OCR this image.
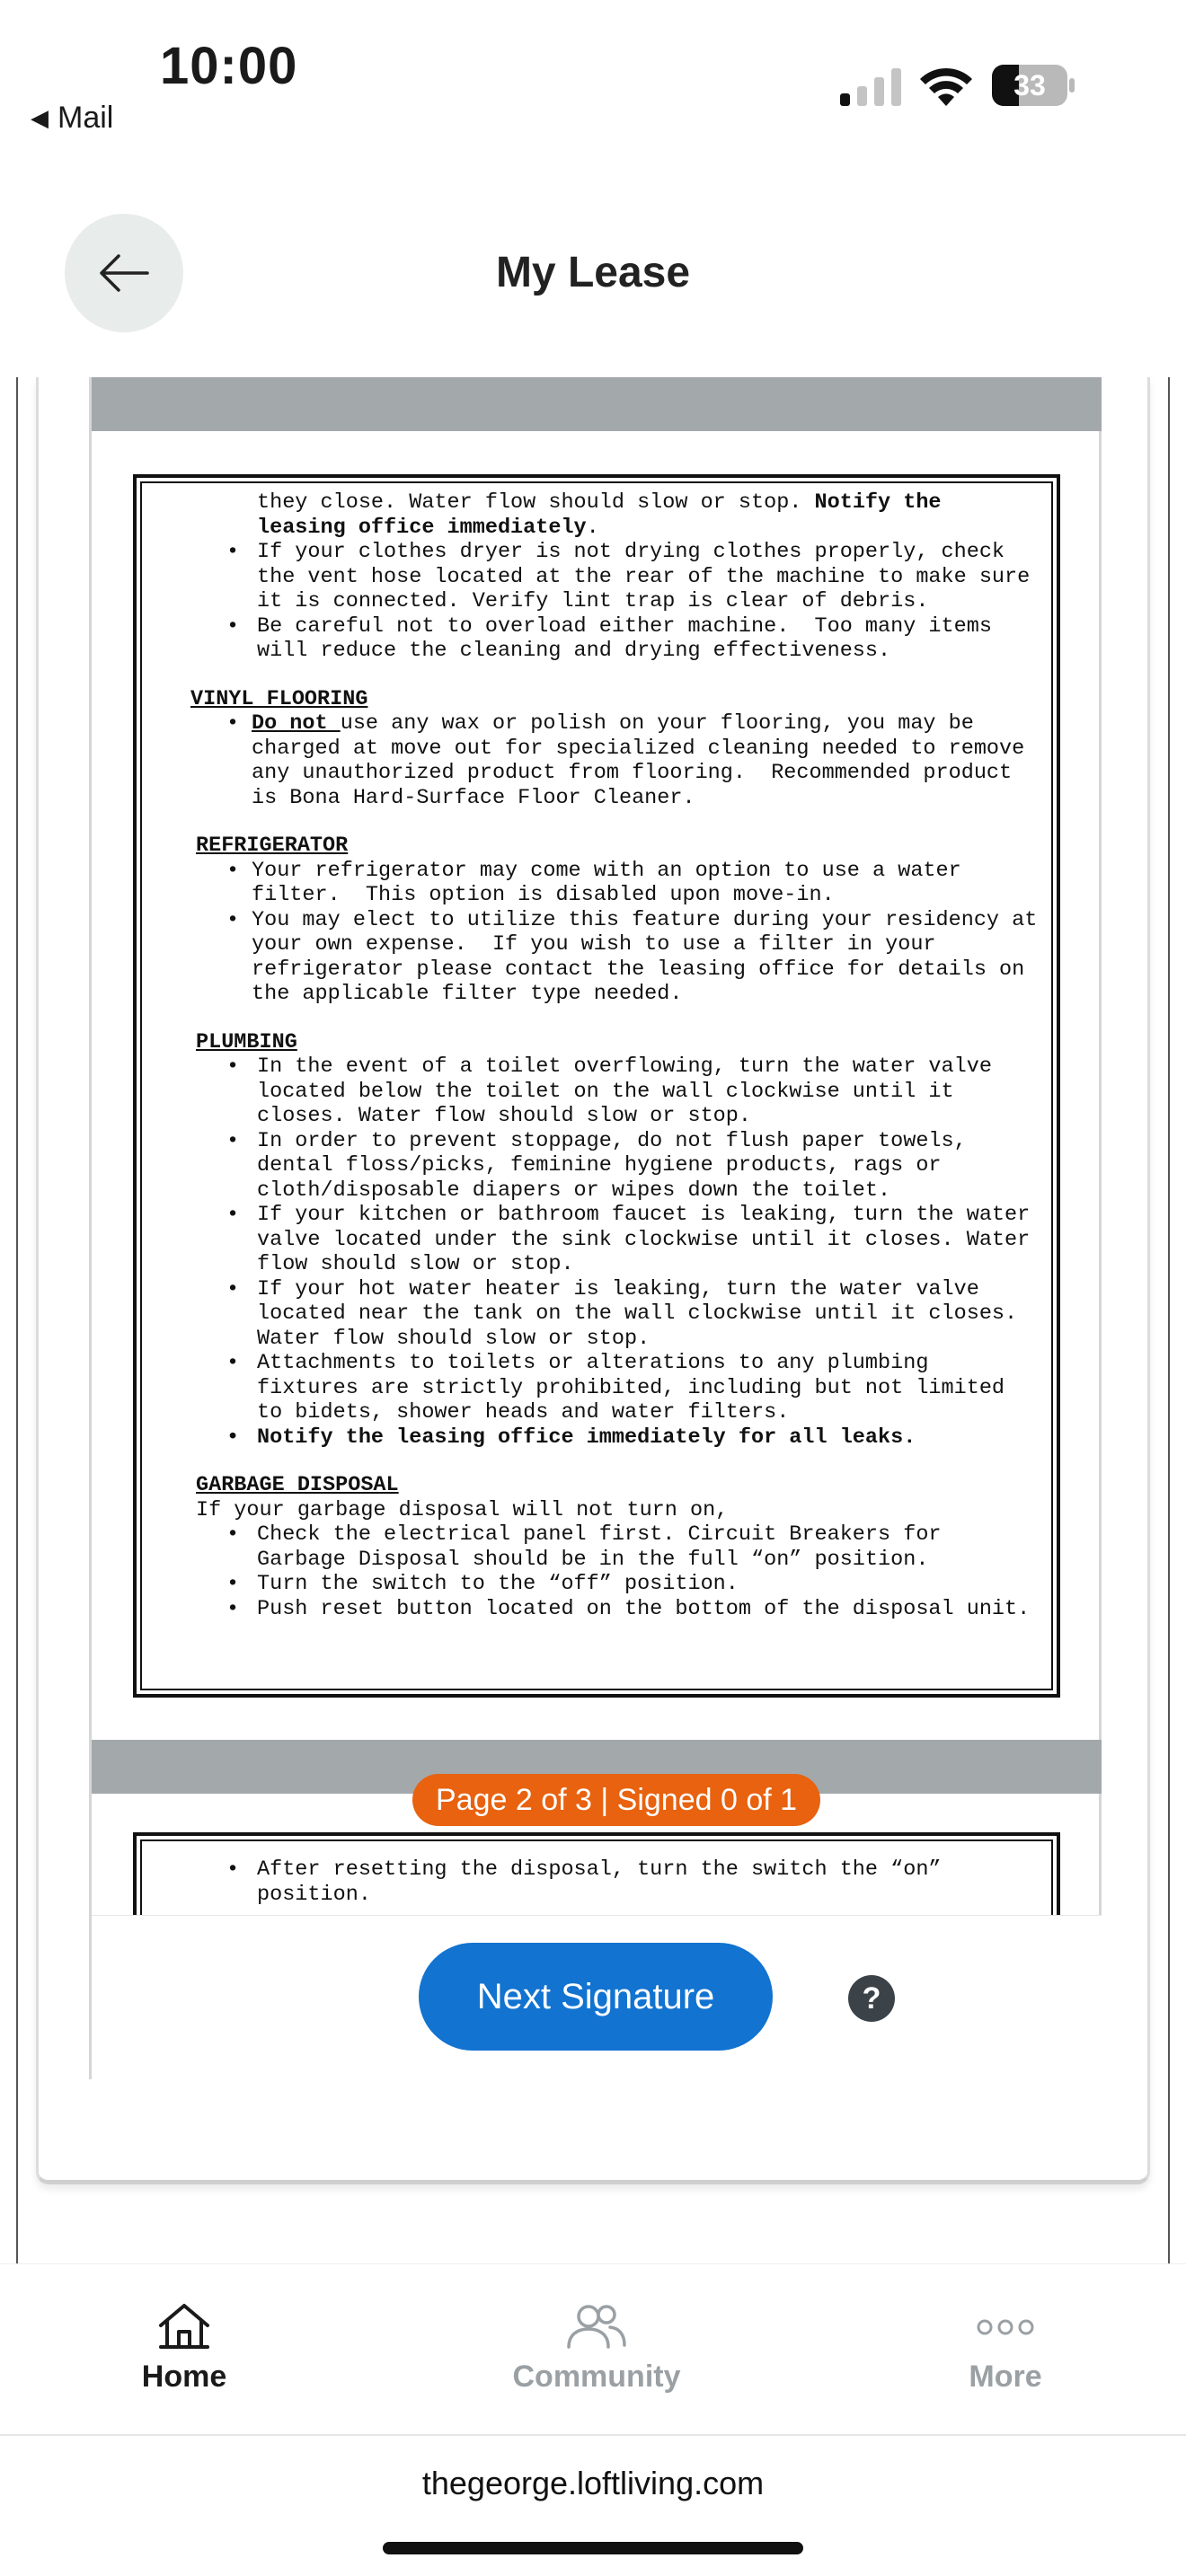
10:00
◀ Mail
33
My Lease

they close. Water flow should slow or stop. Notify the

leasing office immediately.

• If your clothes dryer is not drying clothes properly, check

the vent hose located at the rear of the machine to make sure

it is connected. Verify lint trap is clear of debris.

• Be careful not to overload either machine.  Too many items

will reduce the cleaning and drying effectiveness.

VINYL FLOORING

• Do not use any wax or polish on your flooring, you may be

charged at move out for specialized cleaning needed to remove

any unauthorized product from flooring.  Recommended product

is Bona Hard-Surface Floor Cleaner.

REFRIGERATOR

• Your refrigerator may come with an option to use a water

filter.  This option is disabled upon move-in.

• You may elect to utilize this feature during your residency at

your own expense.  If you wish to use a filter in your

refrigerator please contact the leasing office for details on

the applicable filter type needed.

PLUMBING

• In the event of a toilet overflowing, turn the water valve

located below the toilet on the wall clockwise until it

closes. Water flow should slow or stop.

• In order to prevent stoppage, do not flush paper towels,

dental floss/picks, feminine hygiene products, rags or

cloth/disposable diapers or wipes down the toilet.

• If your kitchen or bathroom faucet is leaking, turn the water

valve located under the sink clockwise until it closes. Water

flow should slow or stop.

• If your hot water heater is leaking, turn the water valve

located near the tank on the wall clockwise until it closes.

Water flow should slow or stop.

• Attachments to toilets or alterations to any plumbing

fixtures are strictly prohibited, including but not limited

to bidets, shower heads and water filters.

• Notify the leasing office immediately for all leaks.

GARBAGE DISPOSAL

If your garbage disposal will not turn on,

• Check the electrical panel first. Circuit Breakers for

Garbage Disposal should be in the full “on” position.

• Turn the switch to the “off” position.

• Push reset button located on the bottom of the disposal unit.

• After resetting the disposal, turn the switch the “on”

position.

Page 2 of 3 | Signed 0 of 1
Next Signature	?
Home	Community	More
thegeorge.loftliving.com
